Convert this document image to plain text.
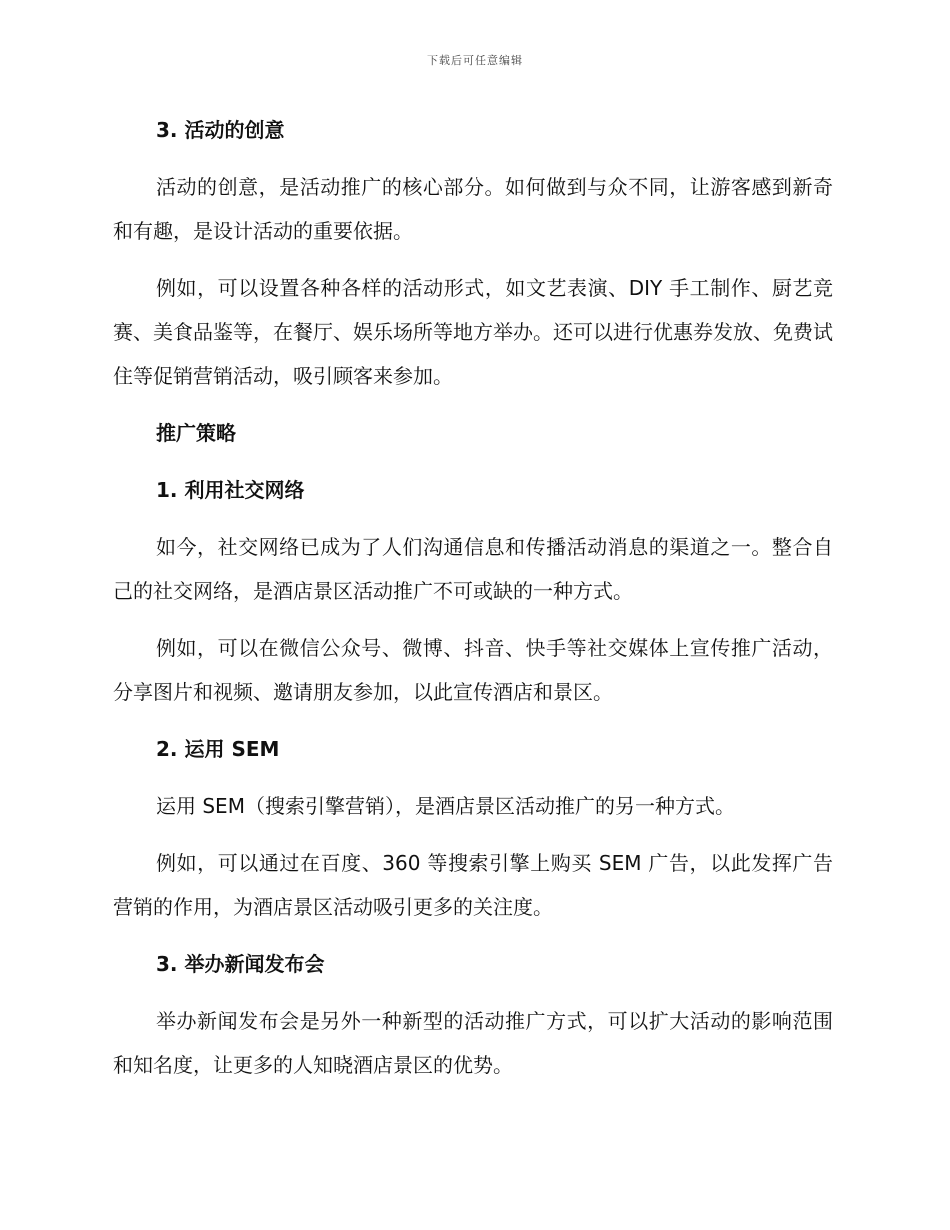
下载后可任意编辑
3. 活动的创意
活动的创意，是活动推广的核心部分。如何做到与众不同，让游客感到新奇和有趣，是设计活动的重要依据。
例如，可以设置各种各样的活动形式，如文艺表演、DIY 手工制作、厨艺竞赛、美食品鉴等，在餐厅、娱乐场所等地方举办。还可以进行优惠券发放、免费试住等促销营销活动，吸引顾客来参加。
推广策略
1. 利用社交网络
如今，社交网络已成为了人们沟通信息和传播活动消息的渠道之一。整合自己的社交网络，是酒店景区活动推广不可或缺的一种方式。
例如，可以在微信公众号、微博、抖音、快手等社交媒体上宣传推广活动，分享图片和视频、邀请朋友参加，以此宣传酒店和景区。
2. 运用 SEM
运用 SEM（搜索引擎营销），是酒店景区活动推广的另一种方式。
例如，可以通过在百度、360 等搜索引擎上购买 SEM 广告，以此发挥广告营销的作用，为酒店景区活动吸引更多的关注度。
3. 举办新闻发布会
举办新闻发布会是另外一种新型的活动推广方式，可以扩大活动的影响范围和知名度，让更多的人知晓酒店景区的优势。
